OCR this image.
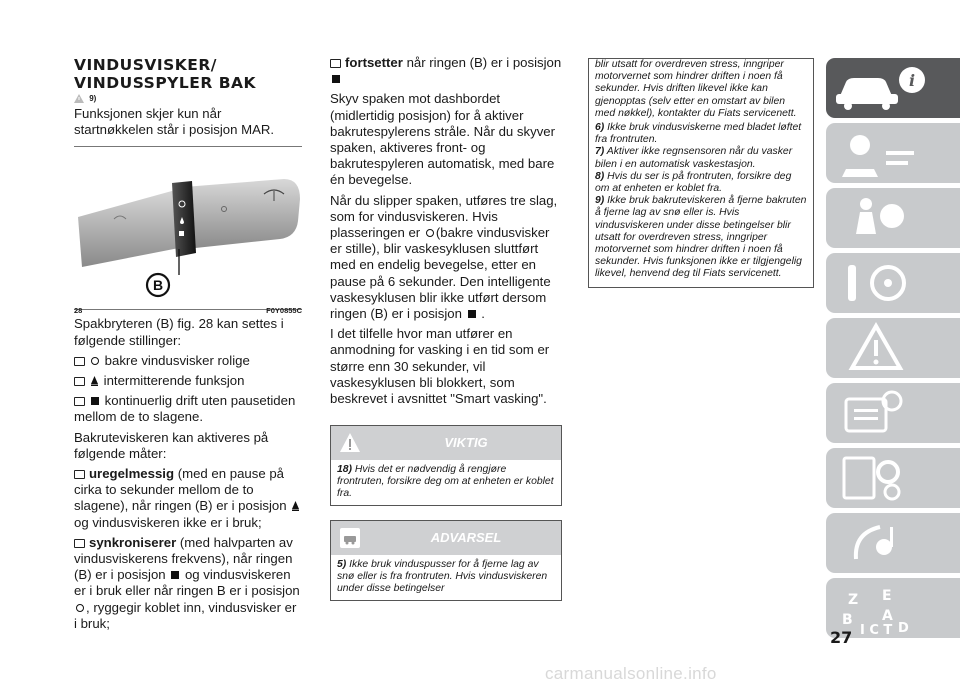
VINDUSVISKER/
VINDUSSPYLER BAK
9)

Funksjonen skjer kun når startnøkkelen står i posisjon MAR.

B
28	F0Y0855C

Spakbryteren (B) fig. 28 kan settes i følgende stillinger:

bakre vindusvisker rolige

intermitterende funksjon

kontinuerlig drift uten pausetiden mellom de to slagene.

Bakruteviskeren kan aktiveres på følgende måter:

uregelmessig (med en pause på cirka to sekunder mellom de to slagene), når ringen (B) er i posisjon  og vindusviskeren ikke er i bruk;

synkroniserer (med halvparten av vindusviskerens frekvens), når ringen (B) er i posisjon og vindusviskeren er i bruk eller når ringen B er i posisjon , ryggegir koblet inn, vindusvisker er i bruk;

fortsetter når ringen (B) er i posisjon

Skyv spaken mot dashbordet (midlertidig posisjon) for å aktiver bakrutespylerens stråle. Når du skyver spaken, aktiveres front- og bakrutespyleren automatisk, med bare én bevegelse.

Når du slipper spaken, utføres tre slag, som for vindusviskeren. Hvis plasseringen er (bakre vindusvisker er stille), blir vaskesyklusen sluttført med en endelig bevegelse, etter en pause på 6 sekunder. Den intelligente vaskesyklusen blir ikke utført dersom ringen (B) er i posisjon .

I det tilfelle hvor man utfører en anmodning for vasking i en tid som er større enn 30 sekunder, vil vaskesyklusen bli blokkert, som beskrevet i avsnittet "Smart vasking".

VIKTIG
18) Hvis det er nødvendig å rengjøre frontruten, forsikre deg om at enheten er koblet fra.
ADVARSEL
5) Ikke bruk vinduspusser for å fjerne lag av snø eller is fra frontruten. Hvis vindusviskeren under disse betingelser
blir utsatt for overdreven stress, inngriper motorvernet som hindrer driften i noen få sekunder. Hvis driften likevel ikke kan gjenopptas (selv etter en omstart av bilen med nøkkel), kontakter du Fiats servicenett.
6) Ikke bruk vindusviskerne med bladet løftet fra frontruten.
7) Aktiver ikke regnsensoren når du vasker bilen i en automatisk vaskestasjon.
8) Hvis du ser is på frontruten, forsikre deg om at enheten er koblet fra.
9) Ikke bruk bakruteviskeren å fjerne bakruten å fjerne lag av snø eller is. Hvis vindusviskeren under disse betingelser blir utsatt for overdreven stress, inngriper motorvernet som hindrer driften i noen få sekunder. Hvis funksjonen ikke er tilgjengelig likevel, henvend deg til Fiats servicenett.
i
Z E
B A
I C T D
27
carmanualsonline.info
